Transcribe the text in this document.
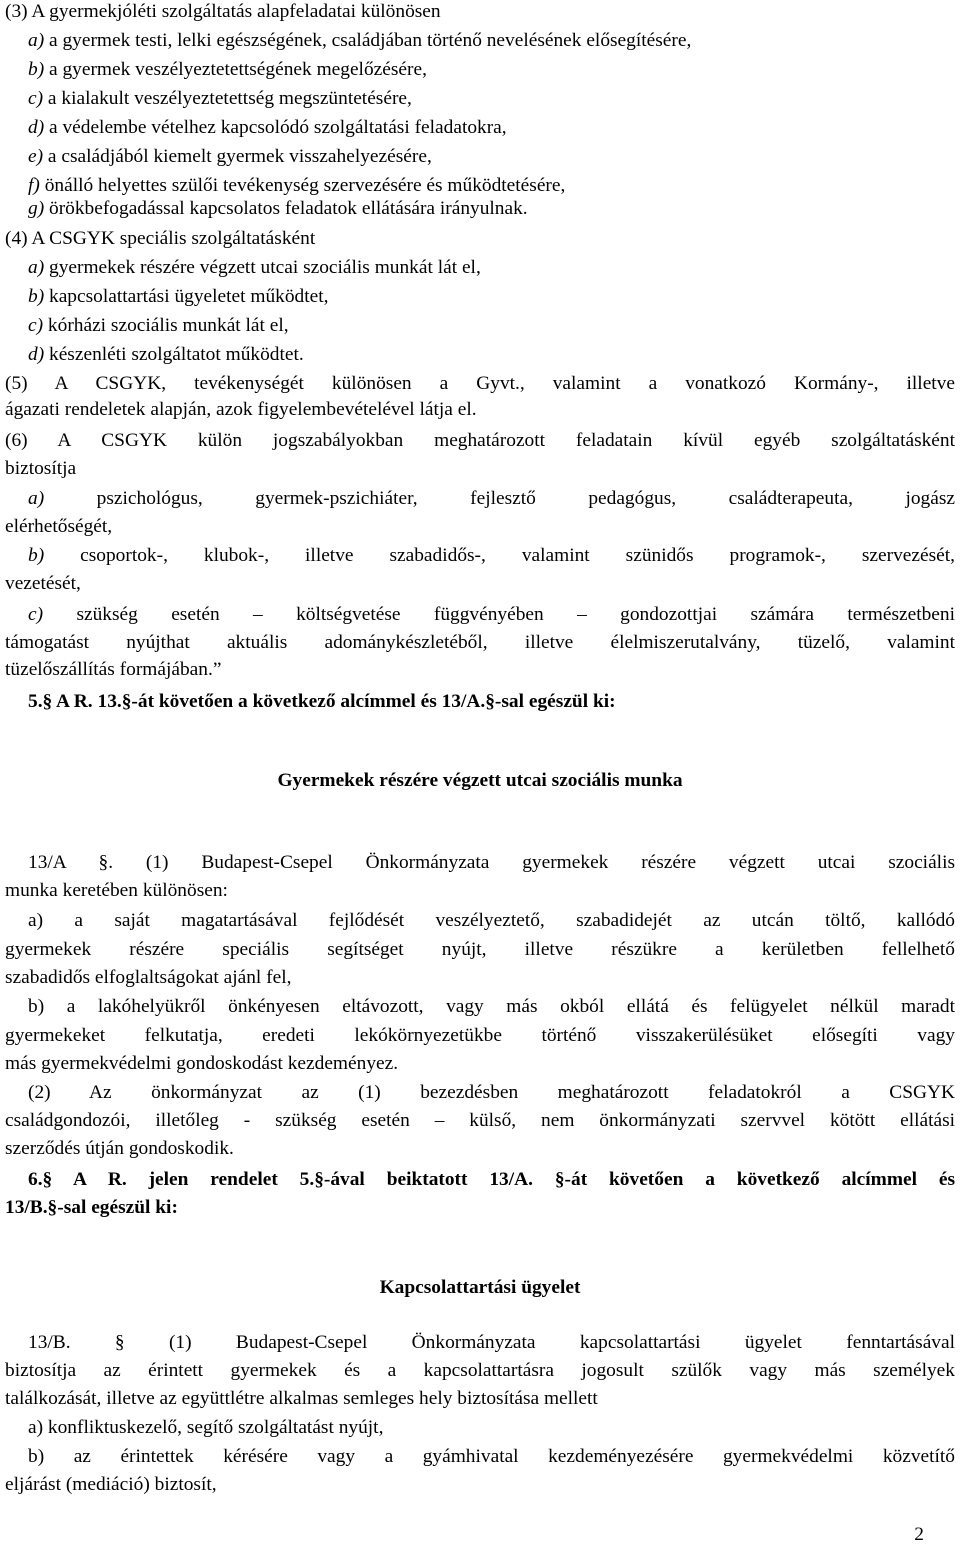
(3) A gyermekjóléti szolgáltatás alapfeladatai különösen
a) a gyermek testi, lelki egészségének, családjában történő nevelésének elősegítésére,
b) a gyermek veszélyeztetettségének megelőzésére,
c) a kialakult veszélyeztetettség megszüntetésére,
d) a védelembe vételhez kapcsolódó szolgáltatási feladatokra,
e) a családjából kiemelt gyermek visszahelyezésére,
f) önálló helyettes szülői tevékenység szervezésére és működtetésére,
g) örökbefogadással kapcsolatos feladatok ellátására irányulnak.
(4) A CSGYK speciális szolgáltatásként
a) gyermekek részére végzett utcai szociális munkát lát el,
b) kapcsolattartási ügyeletet működtet,
c) kórházi szociális munkát lát el,
d) készenléti szolgáltatot működtet.
(5) A CSGYK, tevékenységét különösen a Gyvt., valamint a vonatkozó Kormány-, illetve
ágazati rendeletek alapján, azok figyelembevételével látja el.
(6) A CSGYK külön jogszabályokban meghatározott feladatain kívül egyéb szolgáltatásként
biztosítja
a) pszichológus, gyermek-pszichiáter, fejlesztő pedagógus, családterapeuta, jogász
elérhetőségét,
b) csoportok-, klubok-, illetve szabadidős-, valamint szünidős programok-, szervezését,
vezetését,
c) szükség esetén – költségvetése függvényében – gondozottjai számára természetbeni
támogatást nyújthat aktuális adománykészletéből, illetve élelmiszerutalvány, tüzelő, valamint
tüzelőszállítás formájában.”
5.§ A R. 13.§-át követően a következő alcímmel és 13/A.§-sal egészül ki:
Gyermekek részére végzett utcai szociális munka
13/A §. (1) Budapest-Csepel Önkormányzata gyermekek részére végzett utcai szociális
munka keretében különösen:
a) a saját magatartásával fejlődését veszélyeztető, szabadidejét az utcán töltő, kallódó
gyermekek részére speciális segítséget nyújt, illetve részükre a kerületben fellelhető
szabadidős elfoglaltságokat ajánl fel,
b) a lakóhelyükről önkényesen eltávozott, vagy más okból ellátá és felügyelet nélkül maradt
gyermekeket felkutatja, eredeti lekókörnyezetükbe történő visszakerülésüket elősegíti vagy
más gyermekvédelmi gondoskodást kezdeményez.
(2) Az önkormányzat az (1) bezezdésben meghatározott feladatokról a CSGYK
családgondozói, illetőleg - szükség esetén – külső, nem önkormányzati szervvel kötött ellátási
szerződés útján gondoskodik.
6.§ A R. jelen rendelet 5.§-ával beiktatott 13/A. §-át követően a következő alcímmel és
13/B.§-sal egészül ki:
Kapcsolattartási ügyelet
13/B. § (1) Budapest-Csepel Önkormányzata kapcsolattartási ügyelet fenntartásával
biztosítja az érintett gyermekek és a kapcsolattartásra jogosult szülők vagy más személyek
találkozását, illetve az együttlétre alkalmas semleges hely biztosítása mellett
a) konfliktuskezelő, segítő szolgáltatást nyújt,
b) az érintettek kérésére vagy a gyámhivatal kezdeményezésére gyermekvédelmi közvetítő
eljárást (mediáció) biztosít,
2
